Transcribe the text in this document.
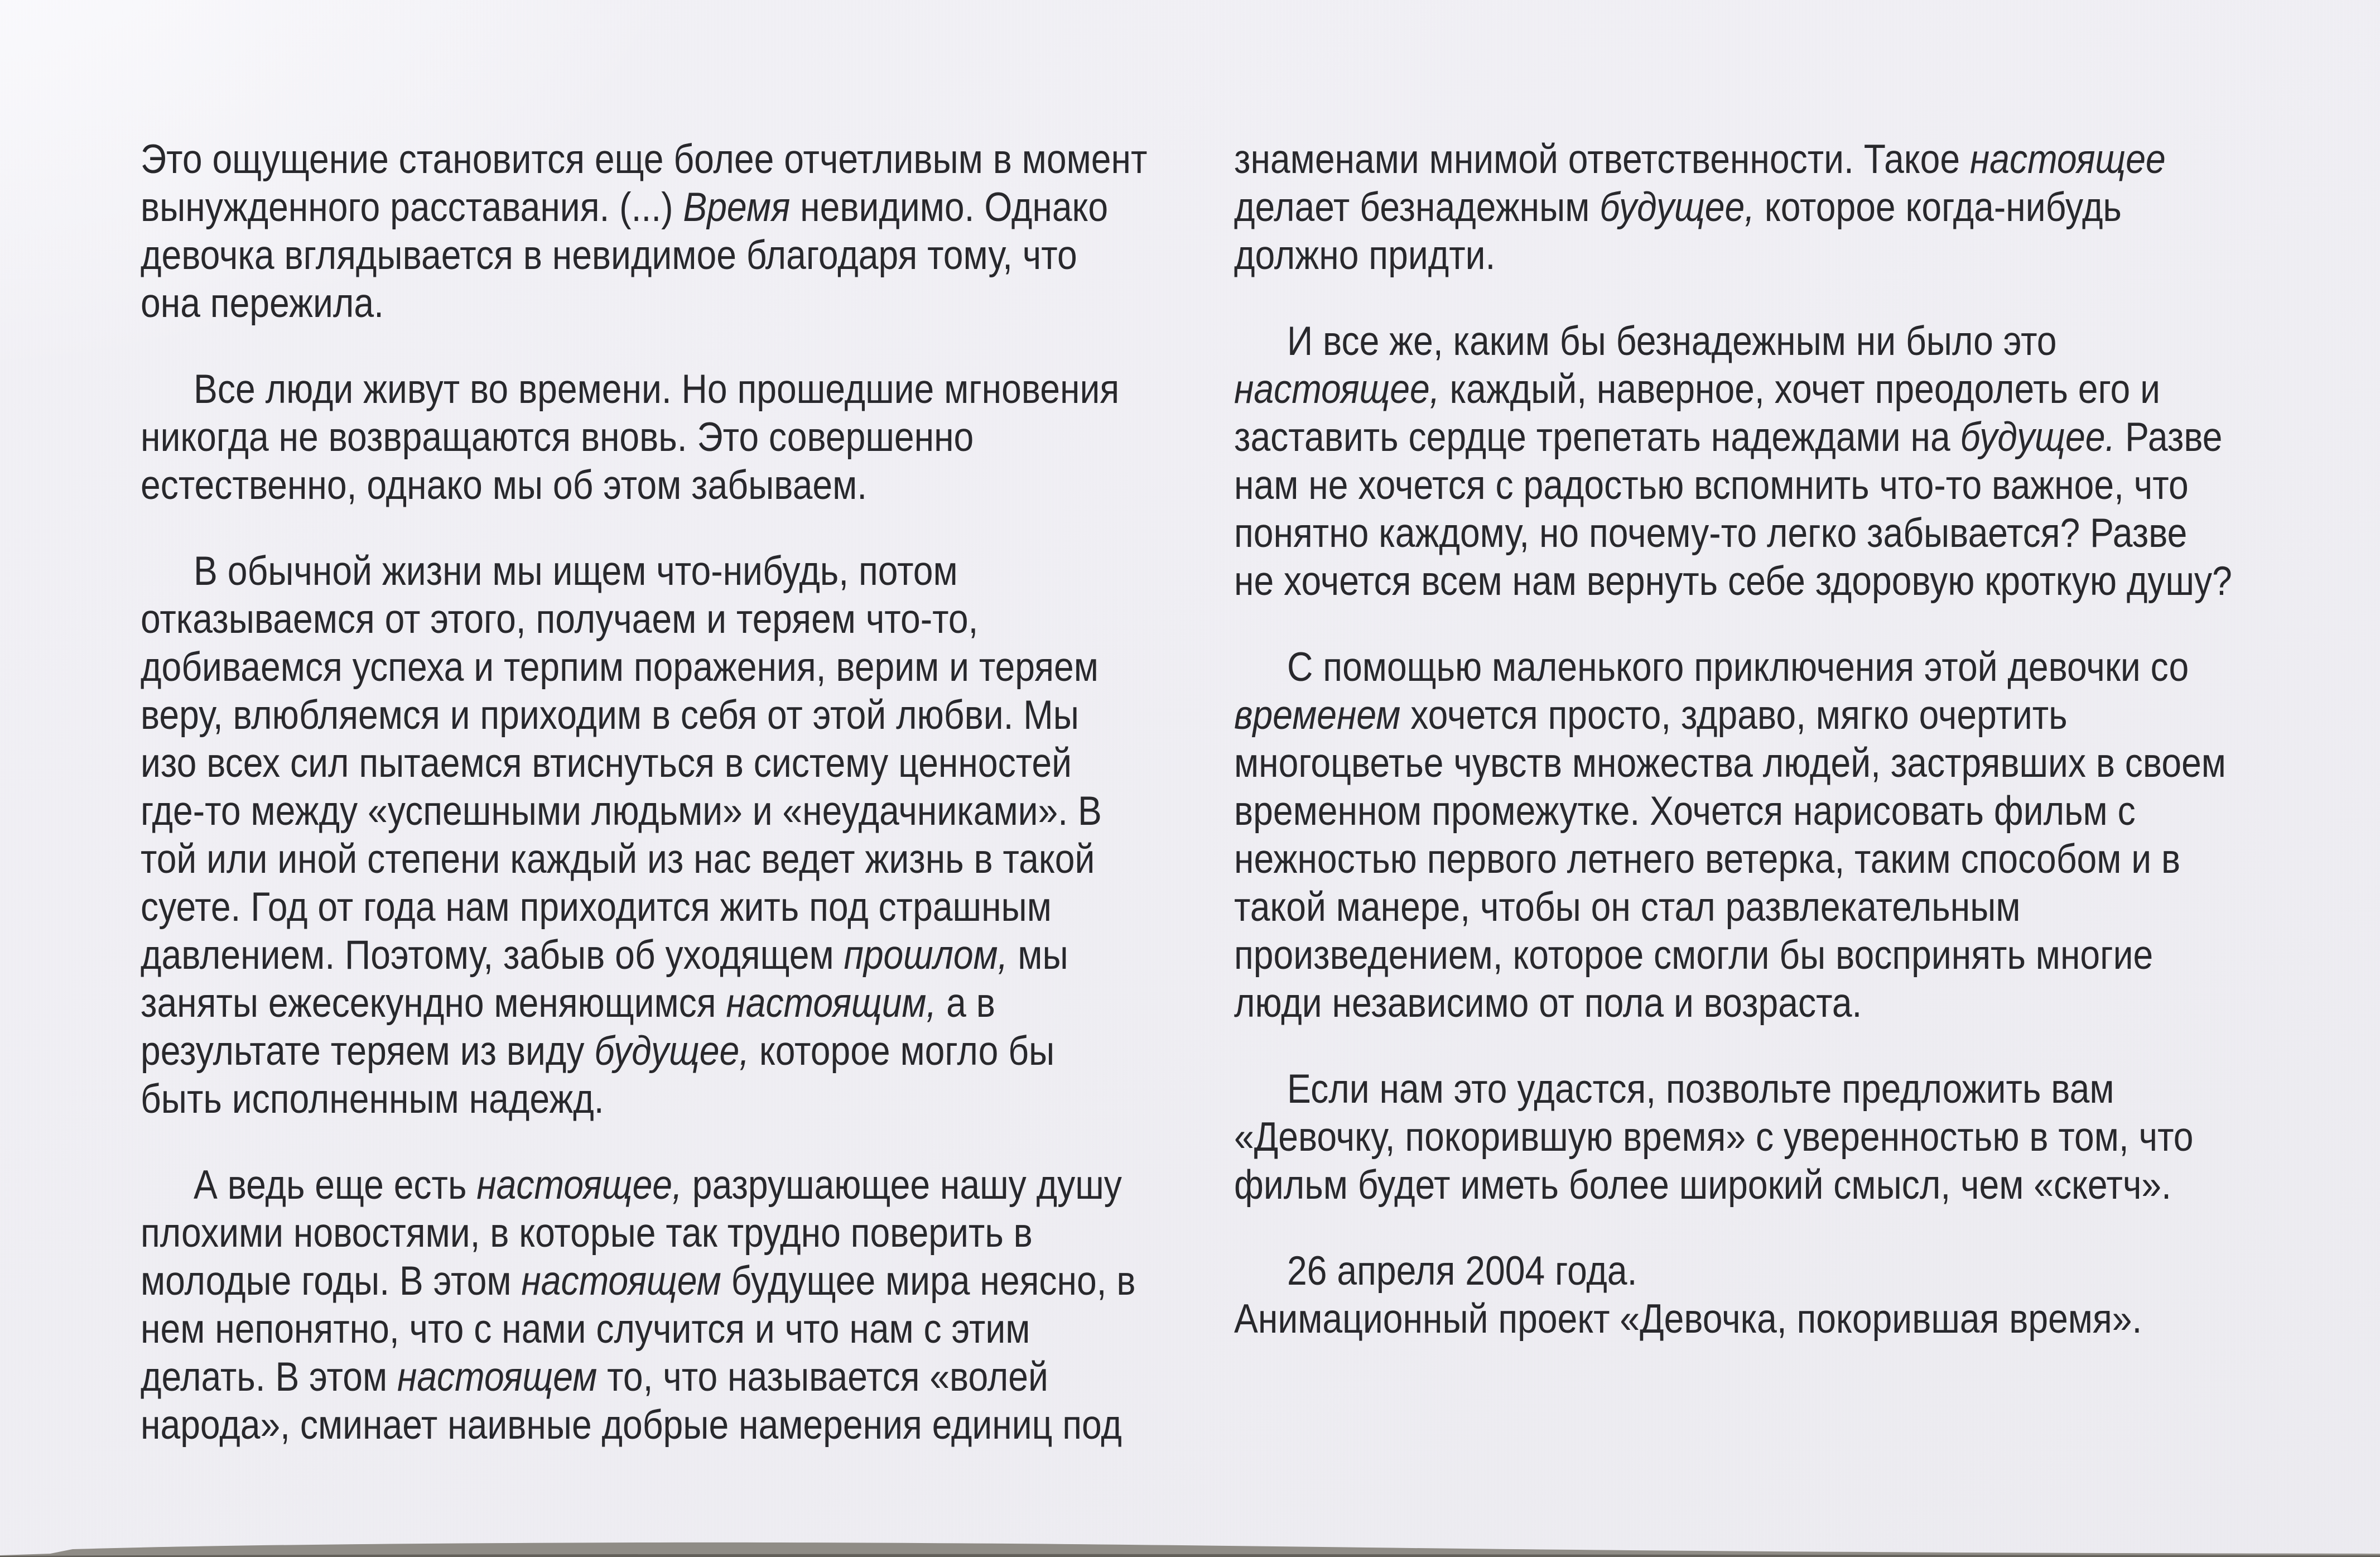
Это ощущение становится еще более отчетливым в момент
вынужденного расставания. (...) Время невидимо. Однако
девочка вглядывается в невидимое благодаря тому, что
она пережила.
Все люди живут во времени. Но прошедшие мгновения
никогда не возвращаются вновь. Это совершенно
естественно, однако мы об этом забываем.
В обычной жизни мы ищем что-нибудь, потом
отказываемся от этого, получаем и теряем что-то,
добиваемся успеха и терпим поражения, верим и теряем
веру, влюбляемся и приходим в себя от этой любви. Мы
изо всех сил пытаемся втиснуться в систему ценностей
где-то между «успешными людьми» и «неудачниками». В
той или иной степени каждый из нас ведет жизнь в такой
суете. Год от года нам приходится жить под страшным
давлением. Поэтому, забыв об уходящем прошлом, мы
заняты ежесекундно меняющимся настоящим, а в
результате теряем из виду будущее, которое могло бы
быть исполненным надежд.
А ведь еще есть настоящее, разрушающее нашу душу
плохими новостями, в которые так трудно поверить в
молодые годы. В этом настоящем будущее мира неясно, в
нем непонятно, что с нами случится и что нам с этим
делать. В этом настоящем то, что называется «волей
народа», сминает наивные добрые намерения единиц под
знаменами мнимой ответственности. Такое настоящее
делает безнадежным будущее, которое когда-нибудь
должно придти.
И все же, каким бы безнадежным ни было это
настоящее, каждый, наверное, хочет преодолеть его и
заставить сердце трепетать надеждами на будущее. Разве
нам не хочется с радостью вспомнить что-то важное, что
понятно каждому, но почему-то легко забывается? Разве
не хочется всем нам вернуть себе здоровую кроткую душу?
С помощью маленького приключения этой девочки со
временем хочется просто, здраво, мягко очертить
многоцветье чувств множества людей, застрявших в своем
временном промежутке. Хочется нарисовать фильм с
нежностью первого летнего ветерка, таким способом и в
такой манере, чтобы он стал развлекательным
произведением, которое смогли бы воспринять многие
люди независимо от пола и возраста.
Если нам это удастся, позвольте предложить вам
«Девочку, покорившую время» с уверенностью в том, что
фильм будет иметь более широкий смысл, чем «скетч».
26 апреля 2004 года.
Анимационный проект «Девочка, покорившая время».
